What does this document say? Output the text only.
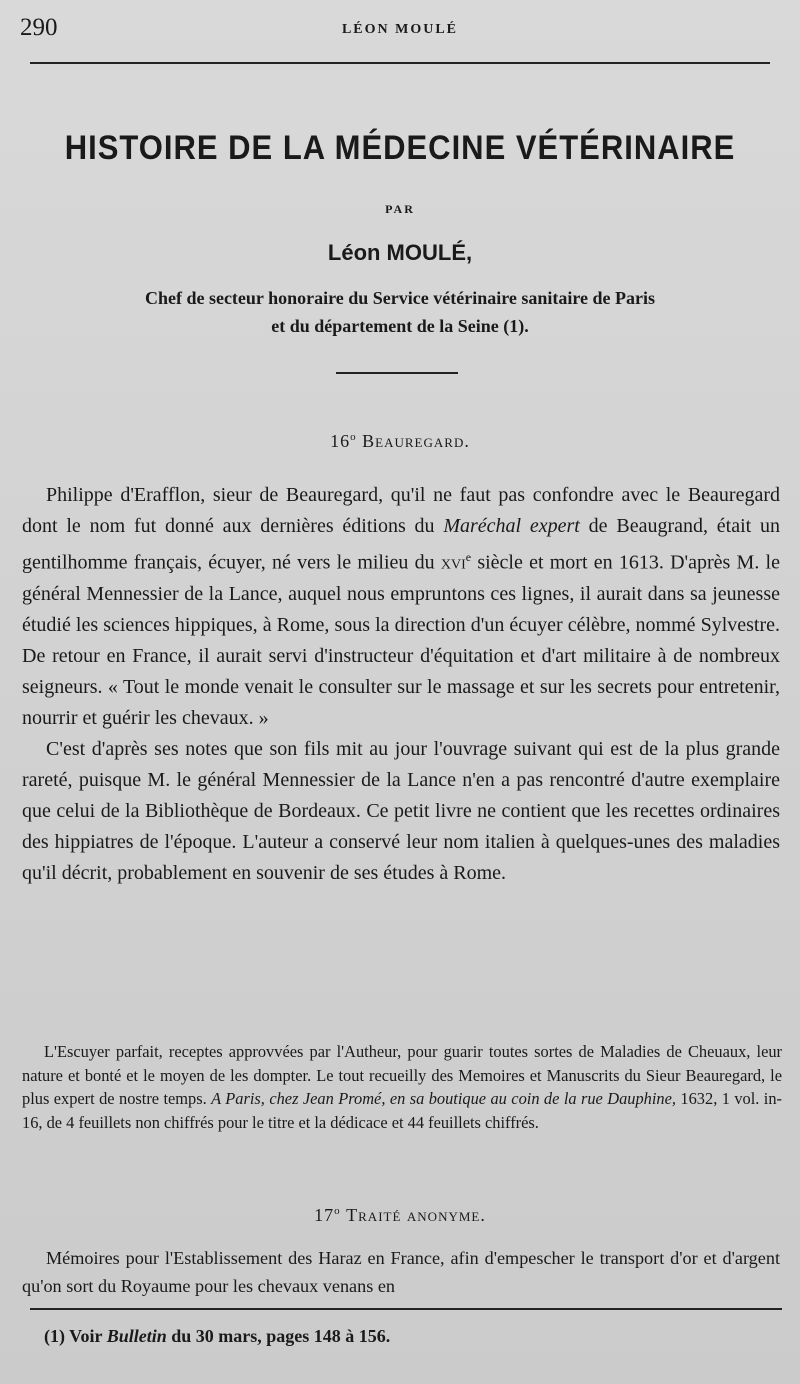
290	LÉON MOULÉ
HISTOIRE DE LA MÉDECINE VÉTÉRINAIRE
PAR
Léon MOULÉ,
Chef de secteur honoraire du Service vétérinaire sanitaire de Paris
et du département de la Seine (1).
16$^o$ Beauregard.

Philippe d'Erafflon, sieur de Beauregard, qu'il ne faut pas confondre avec le Beauregard dont le nom fut donné aux dernières éditions du Maréchal expert de Beaugrand, était un gentilhomme français, écuyer, né vers le milieu du xvi$^e$ siècle et mort en 1613. D'après M. le général Mennessier de la Lance, auquel nous empruntons ces lignes, il aurait dans sa jeunesse étudié les sciences hippiques, à Rome, sous la direction d'un écuyer célèbre, nommé Sylvestre. De retour en France, il aurait servi d'instructeur d'équitation et d'art militaire à de nombreux seigneurs. « Tout le monde venait le consulter sur le massage et sur les secrets pour entretenir, nourrir et guérir les chevaux. »

C'est d'après ses notes que son fils mit au jour l'ouvrage suivant qui est de la plus grande rareté, puisque M. le général Mennessier de la Lance n'en a pas rencontré d'autre exemplaire que celui de la Bibliothèque de Bordeaux. Ce petit livre ne contient que les recettes ordinaires des hippiatres de l'époque. L'auteur a conservé leur nom italien à quelques-unes des maladies qu'il décrit, probablement en souvenir de ses études à Rome.

L'Escuyer parfait, receptes approvvées par l'Autheur, pour guarir toutes sortes de Maladies de Cheuaux, leur nature et bonté et le moyen de les dompter. Le tout recueilly des Memoires et Manuscrits du Sieur Beauregard, le plus expert de nostre temps. A Paris, chez Jean Promé, en sa boutique au coin de la rue Dauphine, 1632, 1 vol. in-16, de 4 feuillets non chiffrés pour le titre et la dédicace et 44 feuillets chiffrés.

17$^o$ Traité anonyme.

Mémoires pour l'Establissement des Haraz en France, afin d'empescher le transport d'or et d'argent qu'on sort du Royaume pour les chevaux venans en

(1) Voir Bulletin du 30 mars, pages 148 à 156.
